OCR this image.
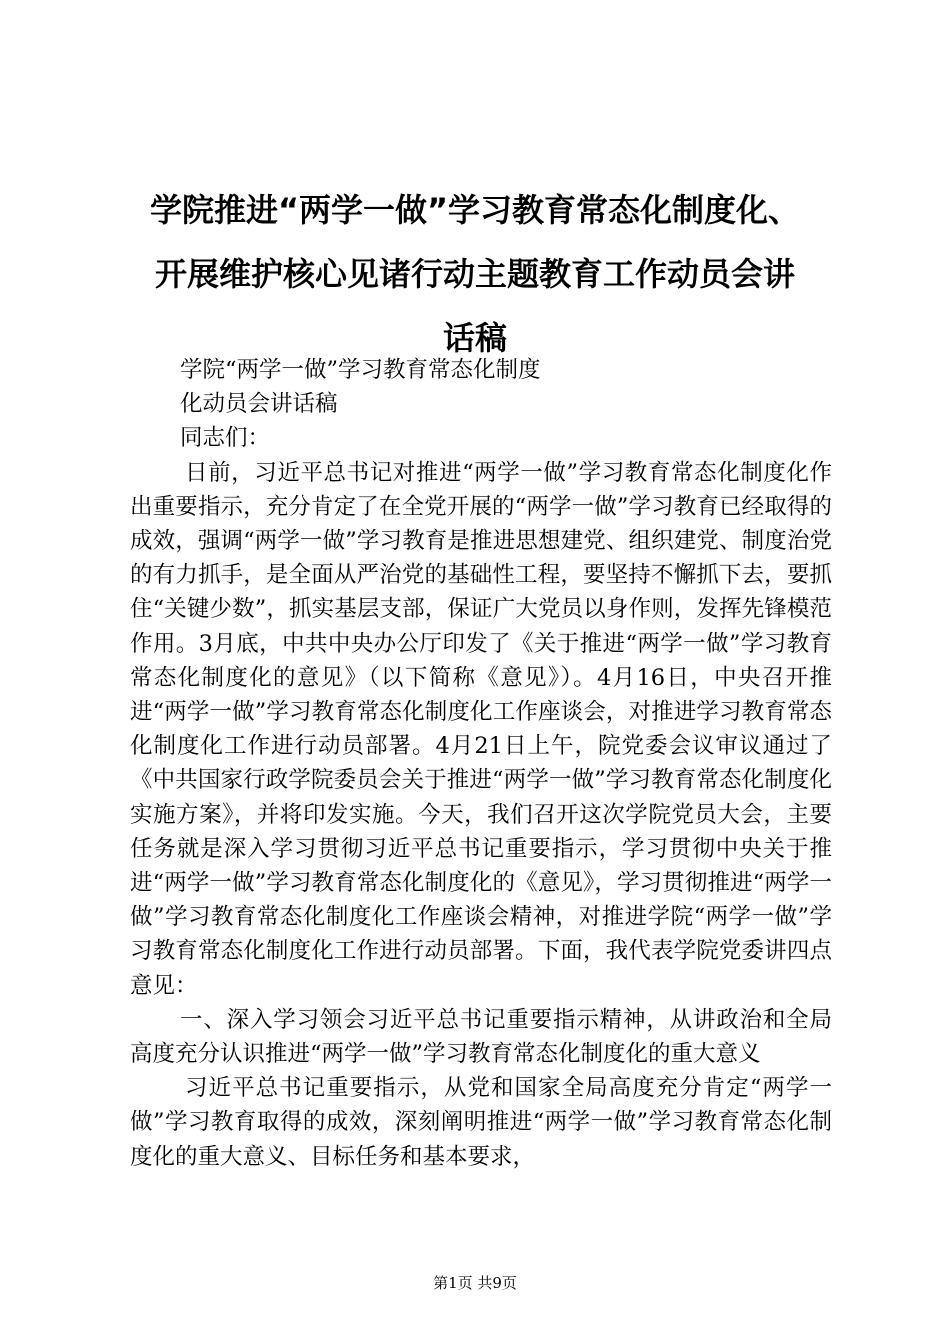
学院推进“两学一做”学习教育常态化制度化、
开展维护核心见诸行动主题教育工作动员会讲
话稿

学院“两学一做”学习教育常态化制度

化动员会讲话稿

同志们：

日前，习近平总书记对推进“两学一做”学习教育常态化制度化作出重要指示，充分肯定了在全党开展的“两学一做”学习教育已经取得的成效，强调“两学一做”学习教育是推进思想建党、组织建党、制度治党的有力抓手，是全面从严治党的基础性工程，要坚持不懈抓下去，要抓住“关键少数”，抓实基层支部，保证广大党员以身作则，发挥先锋模范作用。3月底，中共中央办公厅印发了《关于推进“两学一做”学习教育常态化制度化的意见》（以下简称《意见》）。4月16日，中央召开推进“两学一做”学习教育常态化制度化工作座谈会，对推进学习教育常态化制度化工作进行动员部署。4月21日上午，院党委会议审议通过了《中共国家行政学院委员会关于推进“两学一做”学习教育常态化制度化实施方案》，并将印发实施。今天，我们召开这次学院党员大会，主要任务就是深入学习贯彻习近平总书记重要指示，学习贯彻中央关于推进“两学一做”学习教育常态化制度化的《意见》，学习贯彻推进“两学一做”学习教育常态化制度化工作座谈会精神，对推进学院“两学一做”学习教育常态化制度化工作进行动员部署。下面，我代表学院党委讲四点意见：

一、深入学习领会习近平总书记重要指示精神，从讲政治和全局高度充分认识推进“两学一做”学习教育常态化制度化的重大意义

习近平总书记重要指示，从党和国家全局高度充分肯定“两学一做”学习教育取得的成效，深刻阐明推进“两学一做”学习教育常态化制度化的重大意义、目标任务和基本要求，

第1页 共9页
